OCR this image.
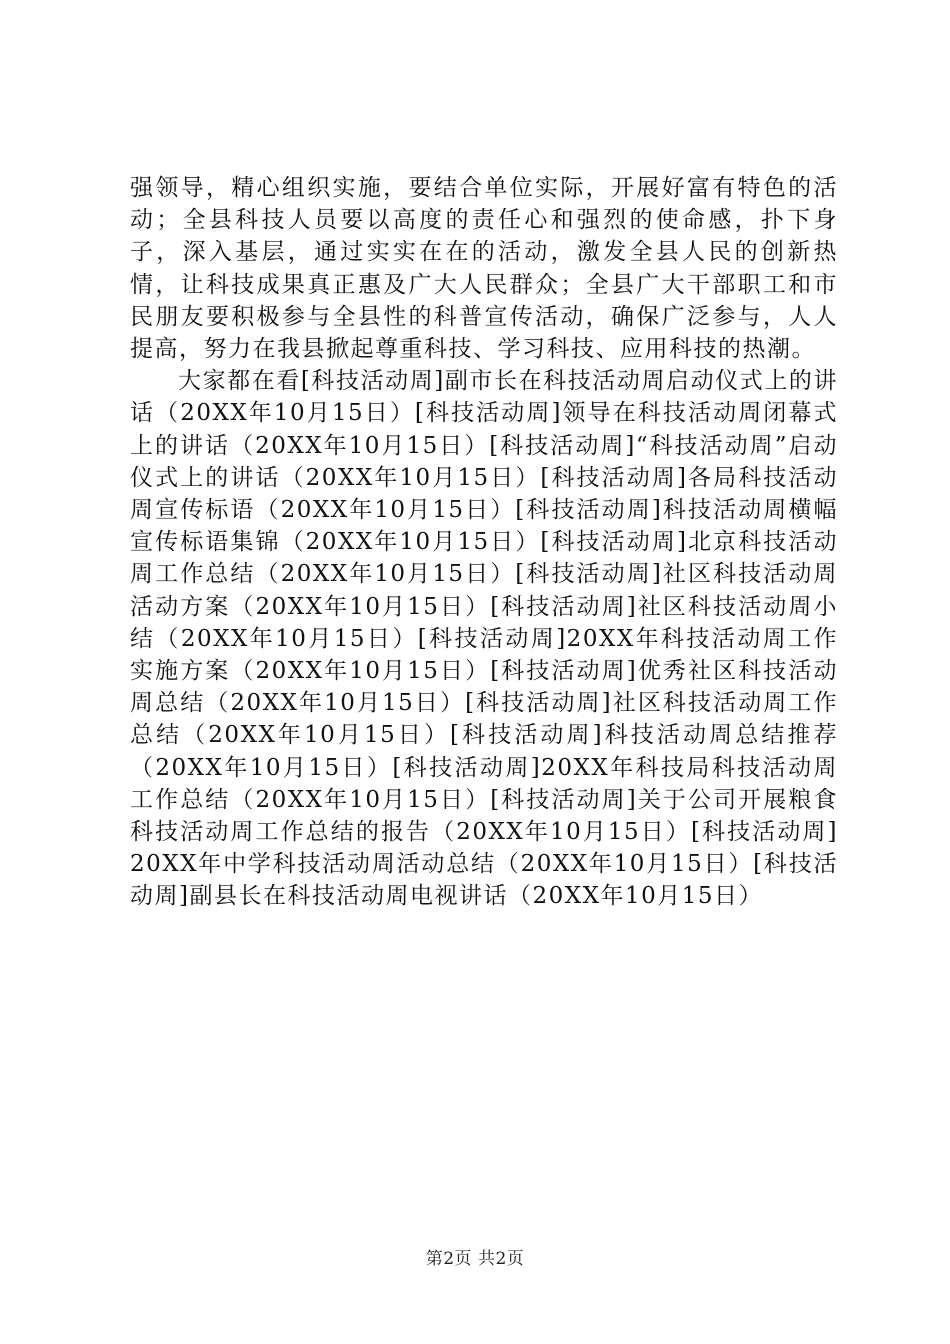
强领导，精心组织实施，要结合单位实际，开展好富有特色的活动；全县科技人员要以高度的责任心和强烈的使命感，扑下身子，深入基层，通过实实在在的活动，激发全县人民的创新热情，让科技成果真正惠及广大人民群众；全县广大干部职工和市民朋友要积极参与全县性的科普宣传活动，确保广泛参与，人人提高，努力在我县掀起尊重科技、学习科技、应用科技的热潮。

大家都在看[科技活动周]副市长在科技活动周启动仪式上的讲话（20XX年10月15日）[科技活动周]领导在科技活动周闭幕式上的讲话（20XX年10月15日）[科技活动周]“科技活动周”启动仪式上的讲话（20XX年10月15日）[科技活动周]各局科技活动周宣传标语（20XX年10月15日）[科技活动周]科技活动周横幅宣传标语集锦（20XX年10月15日）[科技活动周]北京科技活动周工作总结（20XX年10月15日）[科技活动周]社区科技活动周活动方案（20XX年10月15日）[科技活动周]社区科技活动周小结（20XX年10月15日）[科技活动周]20XX年科技活动周工作实施方案（20XX年10月15日）[科技活动周]优秀社区科技活动周总结（20XX年10月15日）[科技活动周]社区科技活动周工作总结（20XX年10月15日）[科技活动周]科技活动周总结推荐（20XX年10月15日）[科技活动周]20XX年科技局科技活动周工作总结（20XX年10月15日）[科技活动周]关于公司开展粮食科技活动周工作总结的报告（20XX年10月15日）[科技活动周]20XX年中学科技活动周活动总结（20XX年10月15日）[科技活动周]副县长在科技活动周电视讲话（20XX年10月15日）

第2页 共2页
